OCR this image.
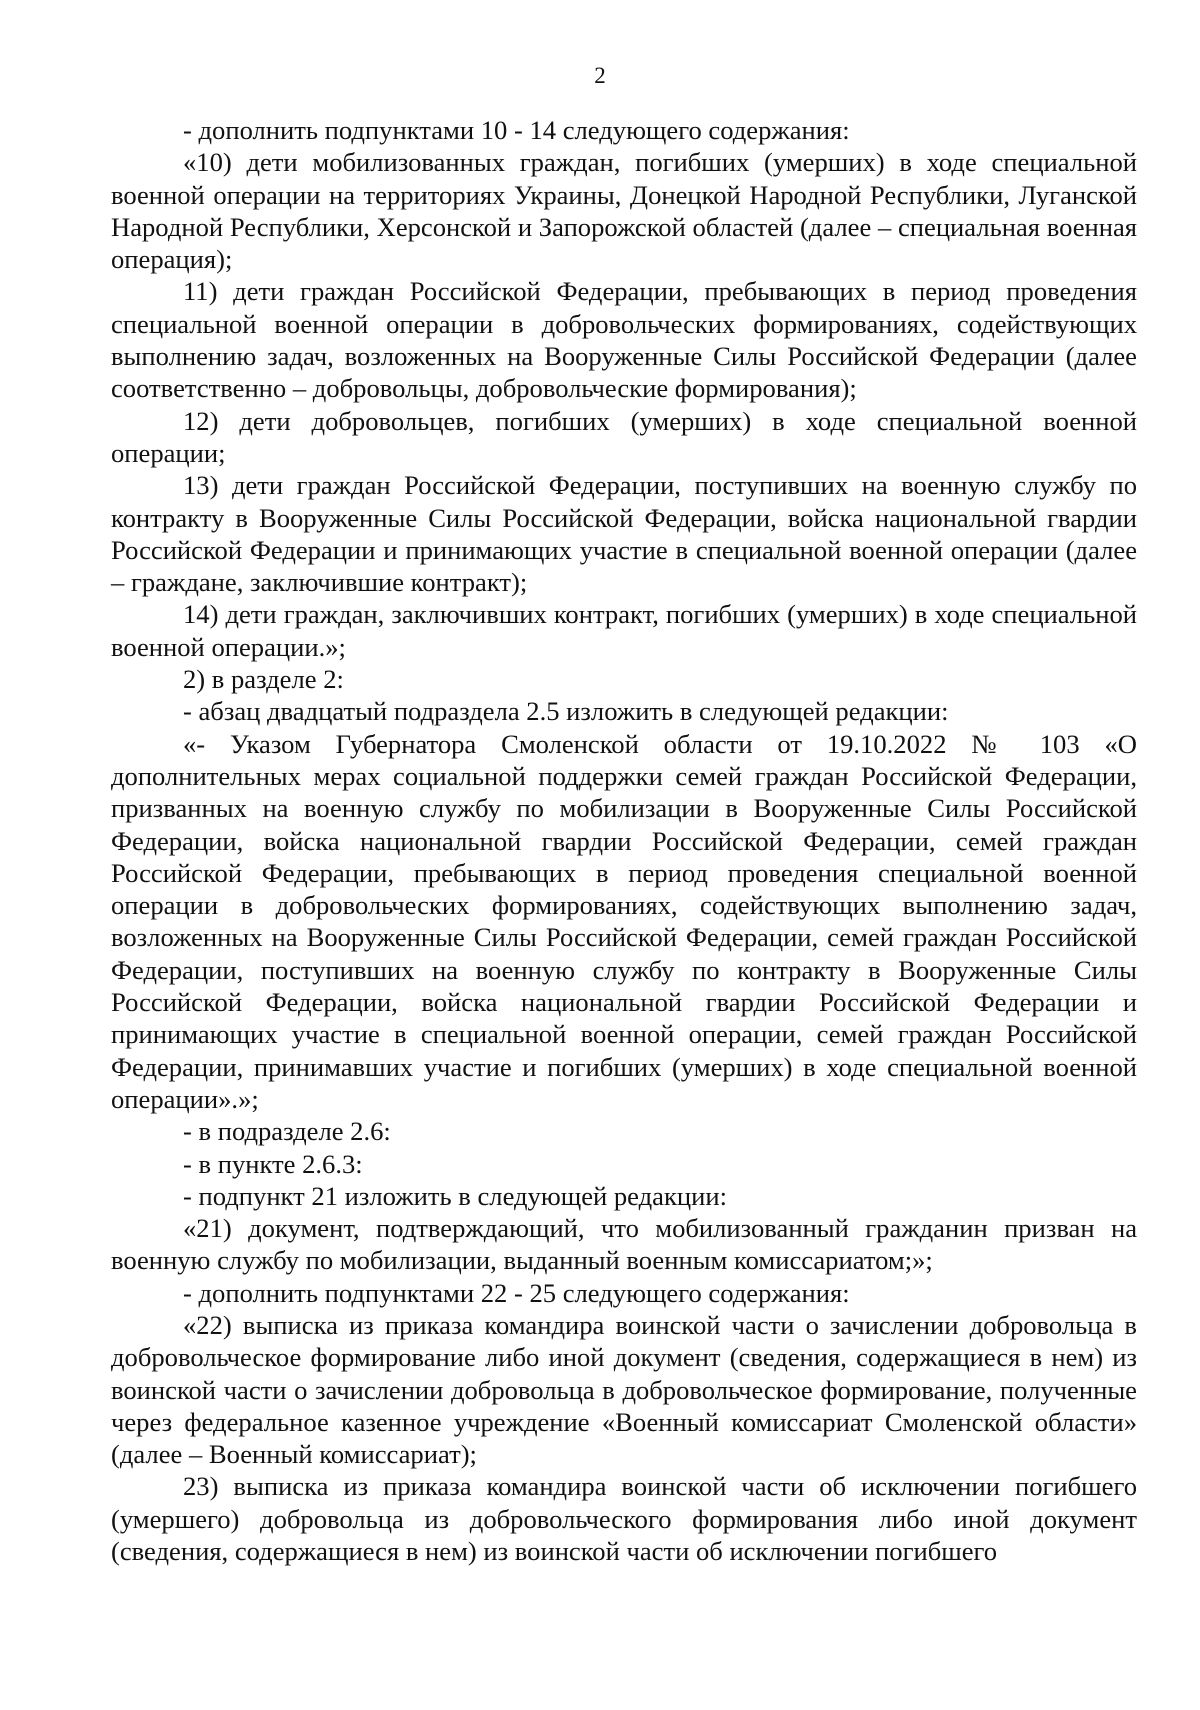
2

- дополнить подпунктами 10 - 14 следующего содержания:

«10) дети мобилизованных граждан, погибших (умерших) в ходе специальной военной операции на территориях Украины, Донецкой Народной Республики, Луганской Народной Республики, Херсонской и Запорожской областей (далее – специальная военная операция);

11) дети граждан Российской Федерации, пребывающих в период проведения специальной военной операции в добровольческих формированиях, содействующих выполнению задач, возложенных на Вооруженные Силы Российской Федерации (далее соответственно – добровольцы, добровольческие формирования);

12) дети добровольцев, погибших (умерших) в ходе специальной военной операции;

13) дети граждан Российской Федерации, поступивших на военную службу по контракту в Вооруженные Силы Российской Федерации, войска национальной гвардии Российской Федерации и принимающих участие в специальной военной операции (далее – граждане, заключившие контракт);

14) дети граждан, заключивших контракт, погибших (умерших) в ходе специальной военной операции.»;

2) в разделе 2:

- абзац двадцатый подраздела 2.5 изложить в следующей редакции:

«- Указом Губернатора Смоленской области от 19.10.2022 № 103 «О дополнительных мерах социальной поддержки семей граждан Российской Федерации, призванных на военную службу по мобилизации в Вооруженные Силы Российской Федерации, войска национальной гвардии Российской Федерации, семей граждан Российской Федерации, пребывающих в период проведения специальной военной операции в добровольческих формированиях, содействующих выполнению задач, возложенных на Вооруженные Силы Российской Федерации, семей граждан Российской Федерации, поступивших на военную службу по контракту в Вооруженные Силы Российской Федерации, войска национальной гвардии Российской Федерации и принимающих участие в специальной военной операции, семей граждан Российской Федерации, принимавших участие и погибших (умерших) в ходе специальной военной операции».»;

- в подразделе 2.6:

- в пункте 2.6.3:

- подпункт 21 изложить в следующей редакции:

«21) документ, подтверждающий, что мобилизованный гражданин призван на военную службу по мобилизации, выданный военным комиссариатом;»;

- дополнить подпунктами 22 - 25 следующего содержания:

«22) выписка из приказа командира воинской части о зачислении добровольца в добровольческое формирование либо иной документ (сведения, содержащиеся в нем) из воинской части о зачислении добровольца в добровольческое формирование, полученные через федеральное казенное учреждение «Военный комиссариат Смоленской области» (далее – Военный комиссариат);

23) выписка из приказа командира воинской части об исключении погибшего (умершего) добровольца из добровольческого формирования либо иной документ (сведения, содержащиеся в нем) из воинской части об исключении погибшего
